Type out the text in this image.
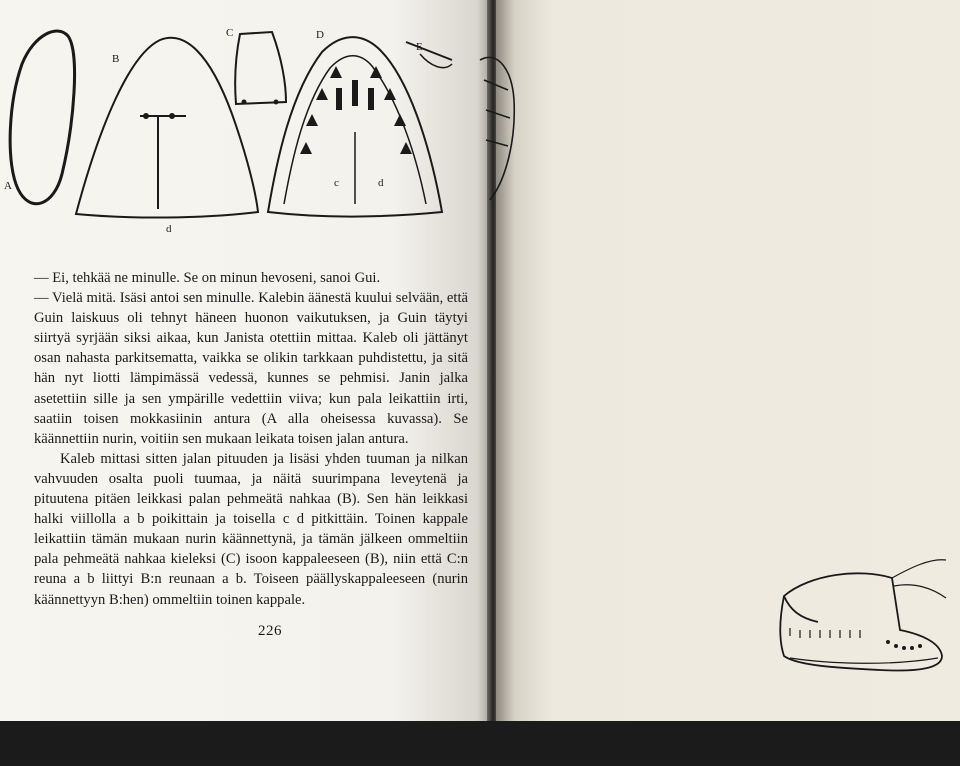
A
B
C	D
E
d
c	d

— Ei, tehkää ne minulle. Se on minun hevoseni, sanoi Gui.

— Vielä mitä. Isäsi antoi sen minulle. Kalebin äänestä kuului selvään, että Guin laiskuus oli tehnyt häneen huonon vaikutuksen, ja Guin täytyi siirtyä syrjään siksi aikaa, kun Janista otettiin mittaa. Kaleb oli jättänyt osan nahasta parkitsematta, vaikka se olikin tarkkaan puhdistettu, ja sitä hän nyt liotti lämpimässä vedessä, kunnes se pehmisi. Janin jalka asetettiin sille ja sen ympärille vedettiin viiva; kun pala leikattiin irti, saatiin toisen mokkasiinin antura (A alla oheisessa kuvassa). Se käännettiin nurin, voitiin sen mukaan leikata toisen jalan antura.

Kaleb mittasi sitten jalan pituuden ja lisäsi yhden tuuman ja nilkan vahvuuden osalta puoli tuumaa, ja näitä suurimpana leveytenä ja pituutena pitäen leikkasi palan pehmeätä nahkaa (B). Sen hän leikkasi halki viillolla a b poikittain ja toisella c d pitkittäin. Toinen kappale leikattiin tämän mukaan nurin käännettynä, ja tämän jälkeen ommeltiin pala pehmeätä nahkaa kieleksi (C) isoon kappaleeseen (B), niin että C:n reuna a b liittyi B:n reunaan a b. Toiseen päällyskappaleeseen (nurin käännettyyn B:hen) ommeltiin toinen kappale.

226
